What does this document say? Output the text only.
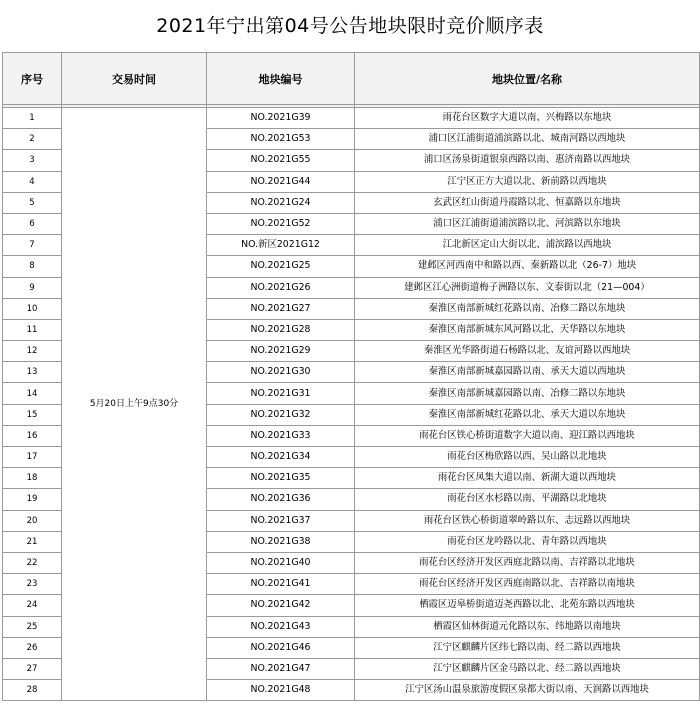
2021年宁出第04号公告地块限时竞价顺序表
序号	交易时间	地块编号	地块位置/名称

1	5月20日上午9点30分	NO.2021G39	雨花台区数字大道以南、兴梅路以东地块
2		NO.2021G53	浦口区江浦街道浦滨路以北、城南河路以西地块
3		NO.2021G55	浦口区汤泉街道银泉西路以南、惠济南路以西地块
4		NO.2021G44	江宁区正方大道以北、新前路以西地块
5		NO.2021G24	玄武区红山街道丹霞路以北、恒嘉路以东地块
6		NO.2021G52	浦口区江浦街道浦滨路以北、河滨路以东地块
7		NO.新区2021G12	江北新区定山大街以北、浦滨路以西地块
8		NO.2021G25	建邺区河西南中和路以西、秦新路以北（26-7）地块
9		NO.2021G26	建邺区江心洲街道梅子洲路以东、文泰街以北（21—004）
10		NO.2021G27	秦淮区南部新城红花路以南、冶修二路以东地块
11		NO.2021G28	秦淮区南部新城东风河路以北、天华路以东地块
12		NO.2021G29	秦淮区光华路街道石杨路以北、友谊河路以西地块
13		NO.2021G30	秦淮区南部新城嘉园路以南、承天大道以西地块
14		NO.2021G31	秦淮区南部新城嘉园路以南、冶修二路以东地块
15		NO.2021G32	秦淮区南部新城红花路以北、承天大道以东地块
16		NO.2021G33	雨花台区铁心桥街道数字大道以南、迎江路以西地块
17		NO.2021G34	雨花台区梅欣路以西、吴山路以北地块
18		NO.2021G35	雨花台区凤集大道以南、新湖大道以西地块
19		NO.2021G36	雨花台区水杉路以南、平湖路以北地块
20		NO.2021G37	雨花台区铁心桥街道翠岭路以东、志远路以西地块
21		NO.2021G38	雨花台区龙吟路以北、青年路以西地块
22		NO.2021G40	雨花台区经济开发区西庭北路以南、吉祥路以北地块
23		NO.2021G41	雨花台区经济开发区西庭南路以北、吉祥路以南地块
24		NO.2021G42	栖霞区迈皋桥街道迈尧西路以北、北苑东路以西地块
25		NO.2021G43	栖霞区仙林街道元化路以东、纬地路以南地块
26		NO.2021G46	江宁区麒麟片区纬七路以南、经二路以西地块
27		NO.2021G47	江宁区麒麟片区金马路以北、经二路以西地块
28		NO.2021G48	江宁区汤山温泉旅游度假区泉都大街以南、天润路以西地块
